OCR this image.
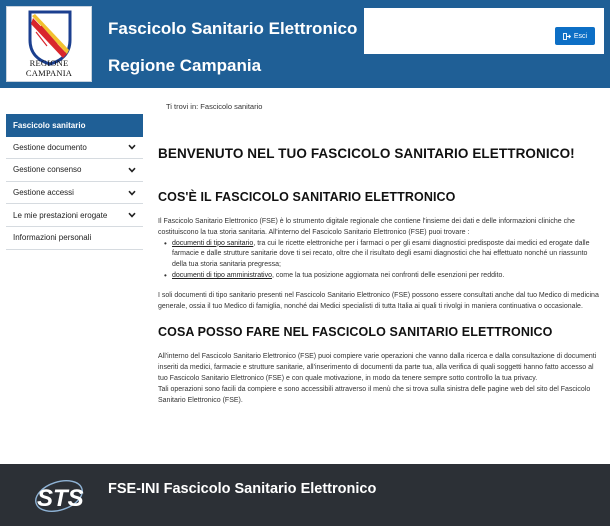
REGIONE CAMPANIA
Fascicolo Sanitario Elettronico
Regione Campania
Esci
Ti trovi in: Fascicolo sanitario
Fascicolo sanitario
Gestione documento
Gestione consenso
Gestione accessi
Le mie prestazioni erogate
Informazioni personali
BENVENUTO NEL TUO FASCICOLO SANITARIO ELETTRONICO!
COS'È IL FASCICOLO SANITARIO ELETTRONICO

Il Fascicolo Sanitario Elettronico (FSE) è lo strumento digitale regionale che contiene l'insieme dei dati e delle informazioni cliniche che costituiscono la tua storia sanitaria. All'interno del Fascicolo Sanitario Elettronico (FSE) puoi trovare :

• documenti di tipo sanitario, tra cui le ricette elettroniche per i farmaci o per gli esami diagnostici predisposte dai medici ed erogate dalle farmacie e dalle strutture sanitarie dove ti sei recato, oltre che il risultato degli esami diagnostici che hai effettuato nonché un riassunto della tua storia sanitaria pregressa;
• documenti di tipo amministrativo, come la tua posizione aggiornata nei confronti delle esenzioni per reddito.

I soli documenti di tipo sanitario presenti nel Fascicolo Sanitario Elettronico (FSE) possono essere consultati anche dal tuo Medico di medicina generale, ossia il tuo Medico di famiglia, nonché dai Medici specialisti di tutta Italia ai quali ti rivolgi in maniera continuativa o occasionale.

COSA POSSO FARE NEL FASCICOLO SANITARIO ELETTRONICO

All'interno del Fascicolo Sanitario Elettronico (FSE) puoi compiere varie operazioni che vanno dalla ricerca e dalla consultazione di documenti inseriti da medici, farmacie e strutture sanitarie, all'inserimento di documenti da parte tua, alla verifica di quali soggetti hanno fatto accesso al tuo Fascicolo Sanitario Elettronico (FSE) e con quale motivazione, in modo da tenere sempre sotto controllo la tua privacy.

Tali operazioni sono facili da compiere e sono accessibili attraverso il menù che si trova sulla sinistra delle pagine web del sito del Fascicolo Sanitario Elettronico (FSE).

STS FSE-INI Fascicolo Sanitario Elettronico
